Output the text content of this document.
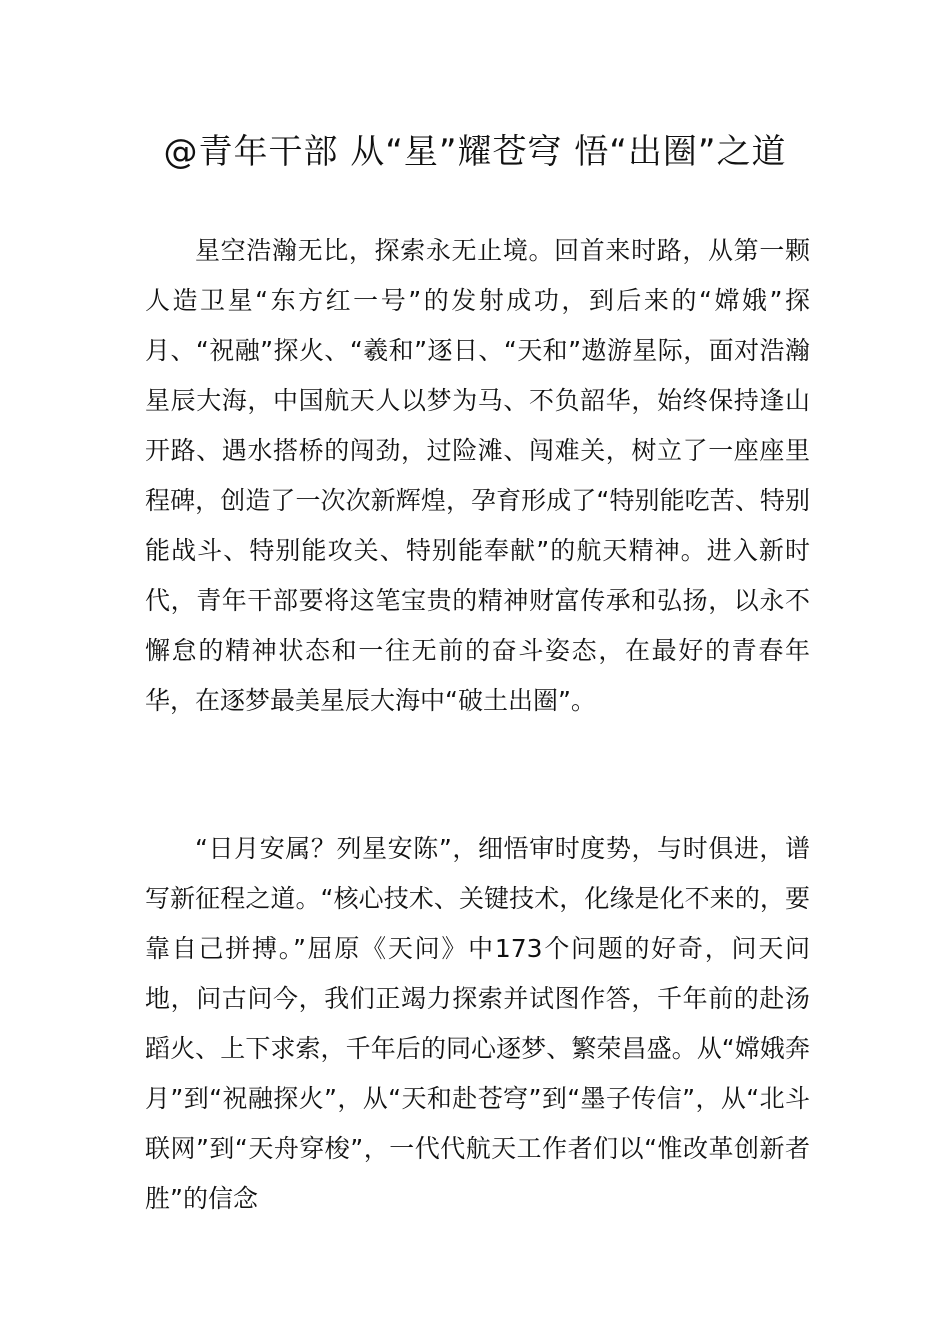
@青年干部 从“星”耀苍穹 悟“出圈”之道

星空浩瀚无比，探索永无止境。回首来时路，从第一颗人造卫星“东方红一号”的发射成功，到后来的“嫦娥”探月、“祝融”探火、“羲和”逐日、“天和”遨游星际，面对浩瀚星辰大海，中国航天人以梦为马、不负韶华，始终保持逢山开路、遇水搭桥的闯劲，过险滩、闯难关，树立了一座座里程碑，创造了一次次新辉煌，孕育形成了“特别能吃苦、特别能战斗、特别能攻关、特别能奉献”的航天精神。进入新时代，青年干部要将这笔宝贵的精神财富传承和弘扬，以永不懈怠的精神状态和一往无前的奋斗姿态，在最好的青春年华，在逐梦最美星辰大海中“破土出圈”。

“日月安属？列星安陈”，细悟审时度势，与时俱进，谱写新征程之道。“核心技术、关键技术，化缘是化不来的，要靠自己拼搏。”屈原《天问》中173个问题的好奇，问天问地，问古问今，我们正竭力探索并试图作答，千年前的赴汤蹈火、上下求索，千年后的同心逐梦、繁荣昌盛。从“嫦娥奔月”到“祝融探火”，从“天和赴苍穹”到“墨子传信”，从“北斗联网”到“天舟穿梭”，一代代航天工作者们以“惟改革创新者胜”的信念
